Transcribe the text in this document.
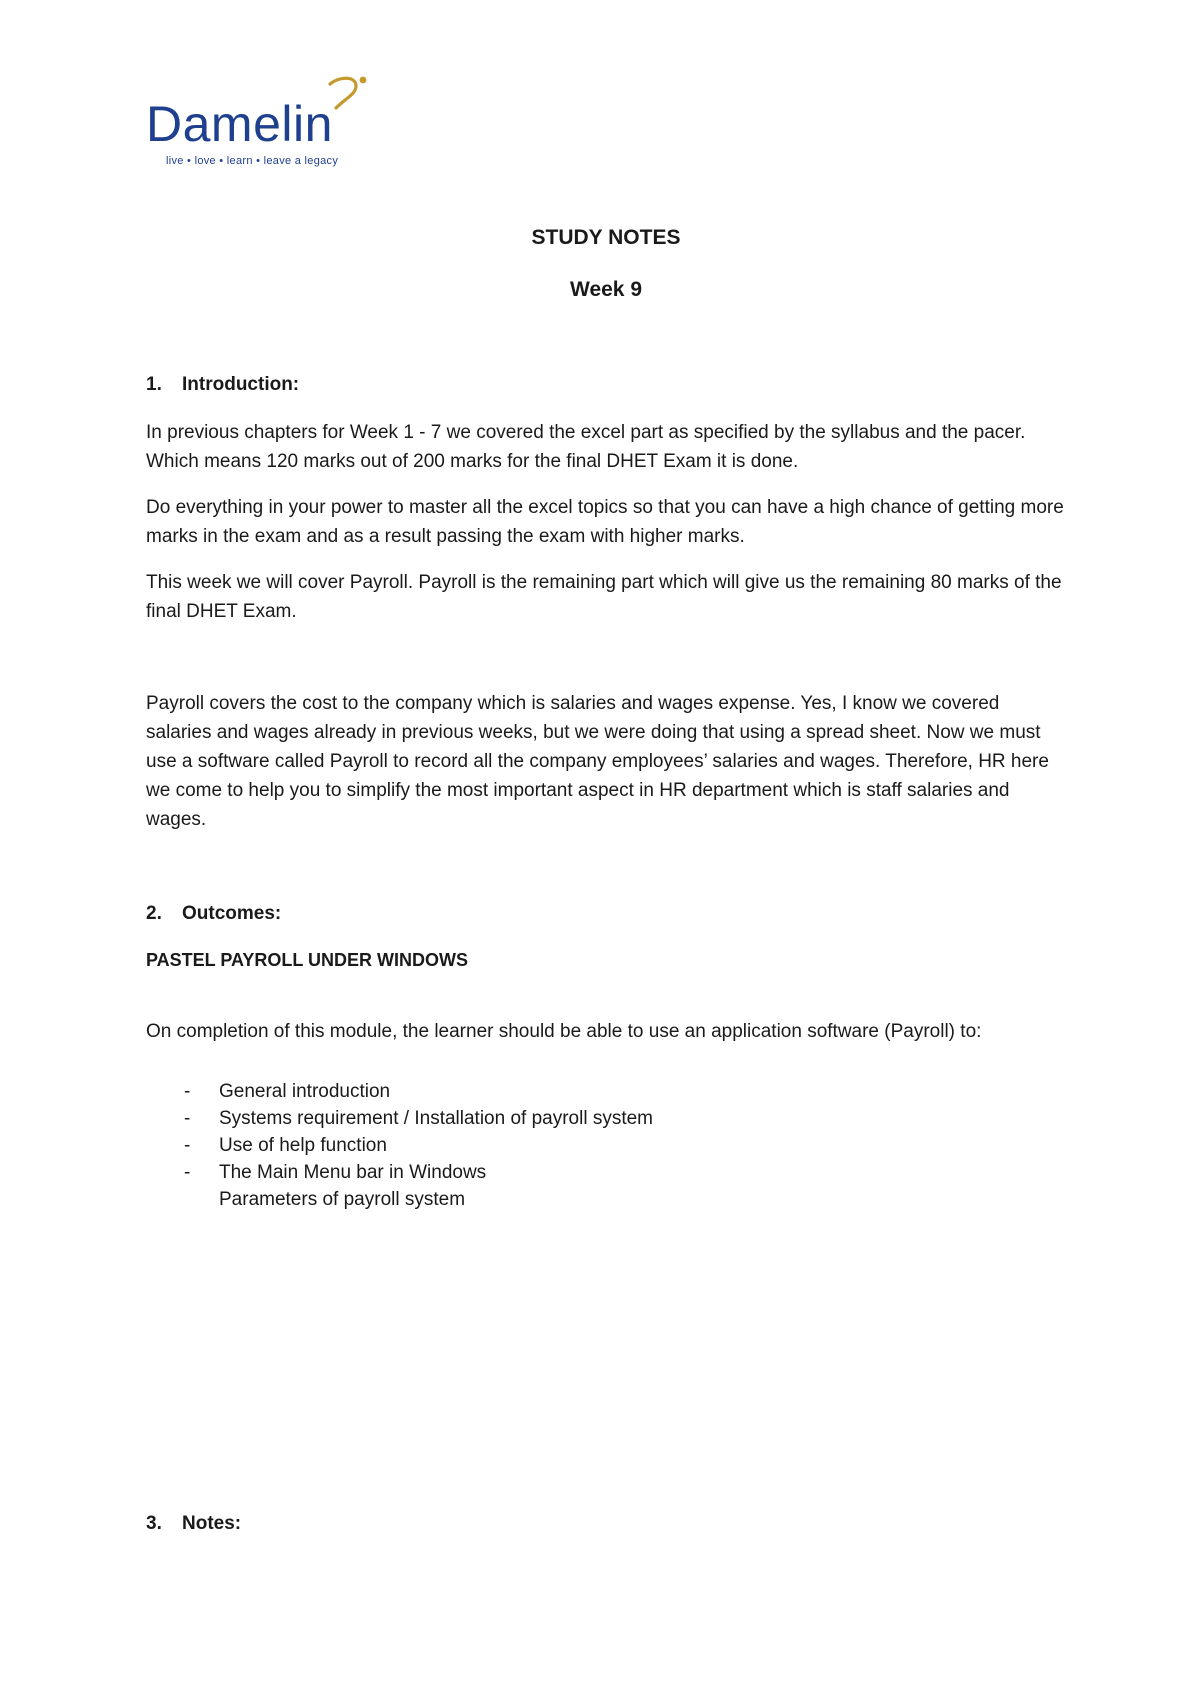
Damelin
live • love • learn • leave a legacy
STUDY NOTES
Week 9
1. Introduction:

In previous chapters for Week 1 - 7 we covered the excel part as specified by the syllabus and the pacer. Which means 120 marks out of 200 marks for the final DHET Exam it is done.

Do everything in your power to master all the excel topics so that you can have a high chance of getting more marks in the exam and as a result passing the exam with higher marks.

This week we will cover Payroll. Payroll is the remaining part which will give us the remaining 80 marks of the final DHET Exam.

Payroll covers the cost to the company which is salaries and wages expense. Yes, I know we covered salaries and wages already in previous weeks, but we were doing that using a spread sheet. Now we must use a software called Payroll to record all the company employees’ salaries and wages. Therefore, HR here we come to help you to simplify the most important aspect in HR department which is staff salaries and wages.

2. Outcomes:
PASTEL PAYROLL UNDER WINDOWS

On completion of this module, the learner should be able to use an application software (Payroll) to:

- General introduction
- Systems requirement / Installation of payroll system
- Use of help function
- The Main Menu bar in Windows
Parameters of payroll system
3. Notes:
